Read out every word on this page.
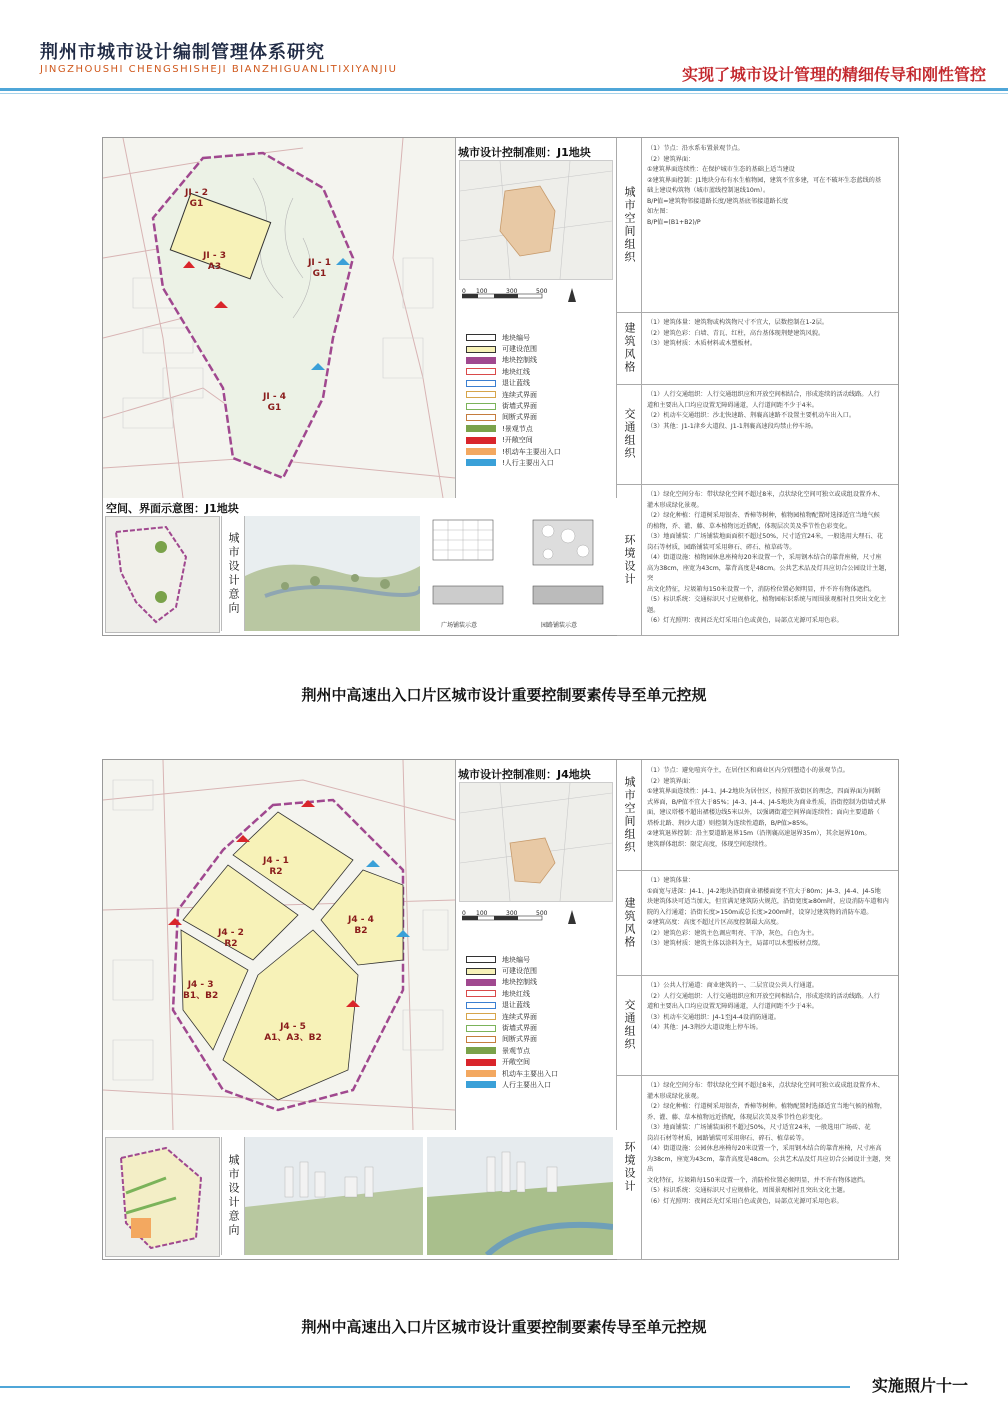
荆州市城市设计编制管理体系研究
JINGZHOUSHI CHENGSHISHEJI BIANZHIGUANLITIXIYANJIU	实现了城市设计管理的精细传导和刚性管控
JI - 2
G1
JI - 3
A3	JI - 1
G1
JI - 4
G1
城市设计控制准则：J1地块
0 100	300	500
地块编号
可建设范围
地块控制线
地块红线
退让蓝线
连续式界面
街墙式界面
间断式界面
!景观节点
!开敞空间
!机动车主要出入口
!人行主要出入口
城市空间组织
（1）节点：沿水系布置景观节点。
（2）建筑界面：
①建筑界面连续性：在保护城市生态的基础上适当建设
②建筑界面控制：J1地块分布有水生植物园，建筑不宜多建，可在不破坏生态蓝线的基
础上建设构筑物（城市蓝线控制退线10m）。
B/P值=建筑物邻接道路长度/建筑基底邻接道路长度
如左图：
B/P值=(B1+B2)/P
建筑风格	（1）建筑体量：建筑物或构筑物尺寸不宜大，层数控制在1-2层。
（2）建筑色彩：白墙、青瓦、红柱，高台基体现荆楚建筑风貌。
（3）建筑材质：木质材料或木塑板材。
交通组织
（1）人行交通组织：人行交通组织应和开放空间相结合，形成连续的活动线路。人行
道和主要出入口均应设置无障碍通道，人行道间距不少于4米。
（2）机动车交通组织：沙北快速路、荆襄高速路不设置主要机动车出入口。
（3）其他：J1-1津乡大道段、J1-1荆襄高速段均禁止停车场。
环境设计
（1）绿化空间分布：带状绿化空间不超过8米，点状绿化空间可独立或成组设置乔木、
灌木形成绿化景观。
（2）绿化种植：行道树采用银杏、香樟等树种，植物园植物配置时选择适宜当地气候
的植物，乔、灌、藤、草本植物远近搭配，体现层次美及季节性色彩变化。
（3）地面铺装：广场铺装地面面积不超过50%，尺寸适宜24米，一般选用大理石、花
岗石等材质，园路铺装可采用卵石、碎石、植草砖等。
（4）街道设施：植物园休息座椅每20米设置一个，采用钢木结合的靠背座椅，尺寸座
高为38cm，座宽为43cm，靠背高度是48cm。公共艺术品及灯具应切合公园设计主题，突
出文化特征，垃圾箱每150米设置一个，消防栓位置必须明显，并不许有物体遮挡。
（5）标识系统：交通标识尺寸应规格化，植物园标识系统与周围景观相衬且突出文化主题。
（6）灯光照明：夜间泛光灯采用白色或黄色，局部点光源可采用色彩。
空间、界面示意图：J1地块
城市设计意向
广场铺装示意	园路铺装示意
荆州中高速出入口片区城市设计重要控制要素传导至单元控规
J4 - 1
R2
J4 - 2
R2
J4 - 4
B2
J4 - 3
B1、B2
J4 - 5
A1、A3、B2
城市设计控制准则：J4地块
0 100	300	500
地块编号
可建设范围
地块控制线
地块红线
退让蓝线
连续式界面
街墙式界面
间断式界面
景观节点
开敞空间
机动车主要出入口
人行主要出入口
城市空间组织
（1）节点：避免喧宾夺主，在居住区和商业区内分别塑造小的景观节点。
（2）建筑界面：
①建筑界面连续性：J4-1、J4-2地块为居住区，按照开放街区的理念，四面界面为间断
式界面，B/P值不宜大于85%；J4-3、J4-4、J4-5地块为商业性质，沿街控制为街墙式界
面，建议塔楼不超出裙楼边线5米以外，以强调街道空间界面连续性；面向主要道路（
塔桥北路、荆沙大道）则控制为连续性道路，B/P值>85%。
②建筑退界控制：沿主要道路退界15m（沿荆襄高速退界35m），其余退界10m。
建筑群体组织：限定高度，体现空间连续性。
建筑风格
（1）建筑体量：
①面宽与进深：J4-1、J4-2地块沿街商业裙楼面宽不宜大于80m；J4-3、J4-4、J4-5地
块建筑体块可适当加大，但宜满足建筑防火规范，沿街宽度≥80m时，应设消防车道和内
院的入行通道；沿街长度>150m或总长度>200m时，设穿过建筑物的消防车道。
②建筑高度：高度不超过片区高度控制最大高度。
（2）建筑色彩：建筑主色调应明亮、干净，灰色，白色为主。
（3）建筑材质：建筑主体以涂料为主，局部可以木塑板材点缀。
交通组织
（1）公共人行通道：商业建筑的一、二层宜设公共人行通道。
（2）人行交通组织：人行交通组织应和开放空间相结合，形成连续的活动线路。人行
道和主要出入口均应设置无障碍通道，人行道间距不少于4米。
（3）机动车交通组织：J4-1至J4-4设消防通道。
（4）其他：J4-3荆沙大道设地上停车场。
环境设计
（1）绿化空间分布：带状绿化空间不超过8米，点状绿化空间可独立或成组设置乔木、
灌木形成绿化景观。
（2）绿化种植：行道树采用银杏，香樟等树种。植物配置时选择适宜当地气候的植物，
乔、灌、藤、草本植物远近搭配，体现层次美及季节性色彩变化。
（3）地面铺装：广场铺装面积不超过50%，尺寸适宜24米，一般选用广场砖、花
岗岩石材等材质，园路铺装可采用卵石、碎石、植草砖等。
（4）街道设施：公园休息座椅每20米设置一个，采用钢木结合的靠背座椅，尺寸座高
为38cm，座宽为43cm，靠背高度是48cm。公共艺术品及灯具应切合公园设计主题，突出
文化特征，垃圾箱每150米设置一个，消防栓位置必须明显，并不许有物体遮挡。
（5）标识系统：交通标识尺寸应规格化，周围景观相衬且突出文化主题。
（6）灯光照明：夜间泛光灯采用白色或黄色，局部点光源可采用色彩。
城市设计意向
荆州中高速出入口片区城市设计重要控制要素传导至单元控规
实施照片十一
